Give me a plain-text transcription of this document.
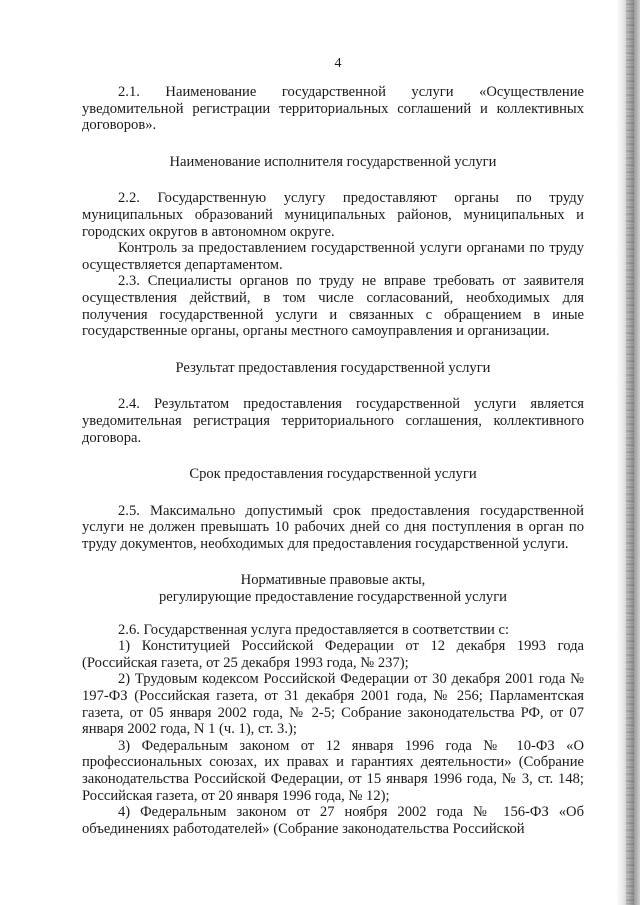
4

2.1. Наименование государственной услуги «Осуществление уведомительной регистрации территориальных соглашений и коллективных договоров».

Наименование исполнителя государственной услуги

2.2. Государственную услугу предоставляют органы по труду муниципальных образований муниципальных районов, муниципальных и городских округов в автономном округе.

Контроль за предоставлением государственной услуги органами по труду осуществляется департаментом.

2.3. Специалисты органов по труду не вправе требовать от заявителя осуществления действий, в том числе согласований, необходимых для получения государственной услуги и связанных с обращением в иные государственные органы, органы местного самоуправления и организации.

Результат предоставления государственной услуги

2.4. Результатом предоставления государственной услуги является уведомительная регистрация территориального соглашения, коллективного договора.

Срок предоставления государственной услуги

2.5. Максимально допустимый срок предоставления государственной услуги не должен превышать 10 рабочих дней со дня поступления в орган по труду документов, необходимых для предоставления государственной услуги.

Нормативные правовые акты,
регулирующие предоставление государственной услуги

2.6. Государственная услуга предоставляется в соответствии с:

1) Конституцией Российской Федерации от 12 декабря 1993 года (Российская газета, от 25 декабря 1993 года, № 237);

2) Трудовым кодексом Российской Федерации от 30 декабря 2001 года № 197-ФЗ (Российская газета, от 31 декабря 2001 года, № 256; Парламентская газета, от 05 января 2002 года, № 2-5; Собрание законодательства РФ, от 07 января 2002 года, N 1 (ч. 1), ст. 3.);

3) Федеральным законом от 12 января 1996 года № 10-ФЗ «О профессиональных союзах, их правах и гарантиях деятельности» (Собрание законодательства Российской Федерации, от 15 января 1996 года, № 3, ст. 148; Российская газета, от 20 января 1996 года, № 12);

4) Федеральным законом от 27 ноября 2002 года № 156-ФЗ «Об объединениях работодателей» (Собрание законодательства Российской
